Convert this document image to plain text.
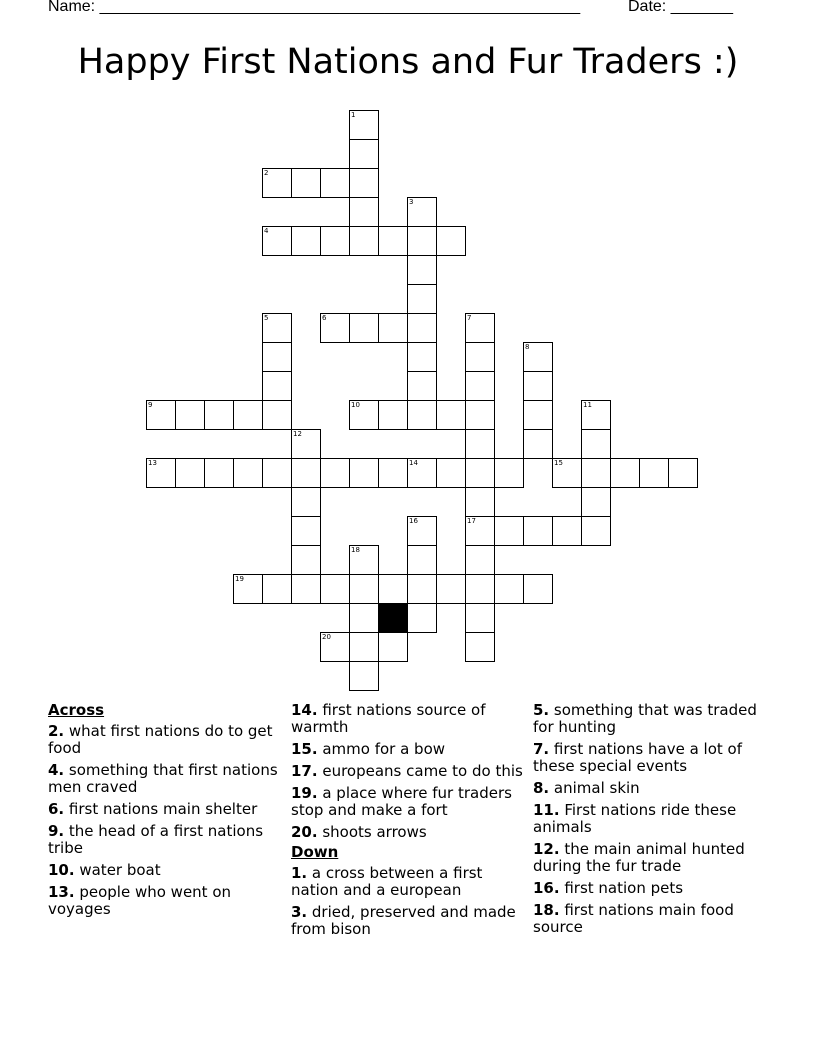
Name: ______________________________________________________	Date: _______
Happy First Nations and Fur Traders :)
1
2
3
4
5	6	7
8
9	10	11
12
13	14	15
16	17
18
19
20
Across
2. what first nations do to get food
4. something that first nations men craved
6. first nations main shelter
9. the head of a first nations tribe
10. water boat
13. people who went on voyages
14. first nations source of warmth
15. ammo for a bow
17. europeans came to do this
19. a place where fur traders stop and make a fort
20. shoots arrows
Down
1. a cross between a first nation and a european
3. dried, preserved and made from bison
5. something that was traded for hunting
7. first nations have a lot of these special events
8. animal skin
11. First nations ride these animals
12. the main animal hunted during the fur trade
16. first nation pets
18. first nations main food source
